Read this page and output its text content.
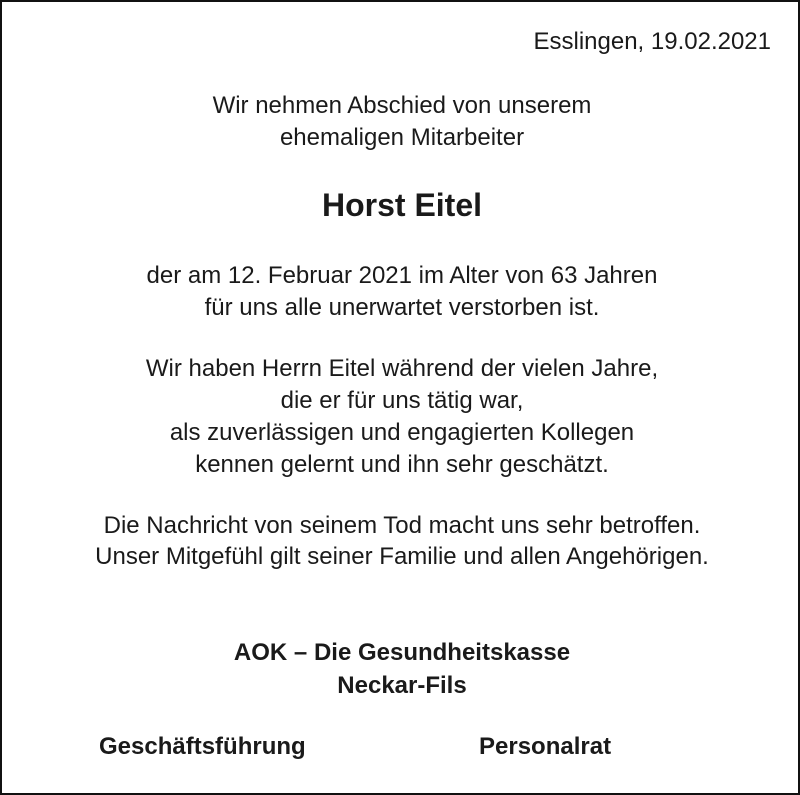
Esslingen, 19.02.2021
Wir nehmen Abschied von unserem
ehemaligen Mitarbeiter
Horst Eitel
der am 12. Februar 2021 im Alter von 63 Jahren
für uns alle unerwartet verstorben ist.
Wir haben Herrn Eitel während der vielen Jahre,
die er für uns tätig war,
als zuverlässigen und engagierten Kollegen
kennen gelernt und ihn sehr geschätzt.
Die Nachricht von seinem Tod macht uns sehr betroffen.
Unser Mitgefühl gilt seiner Familie und allen Angehörigen.
AOK – Die Gesundheitskasse
Neckar-Fils
Geschäftsführung	Personalrat
